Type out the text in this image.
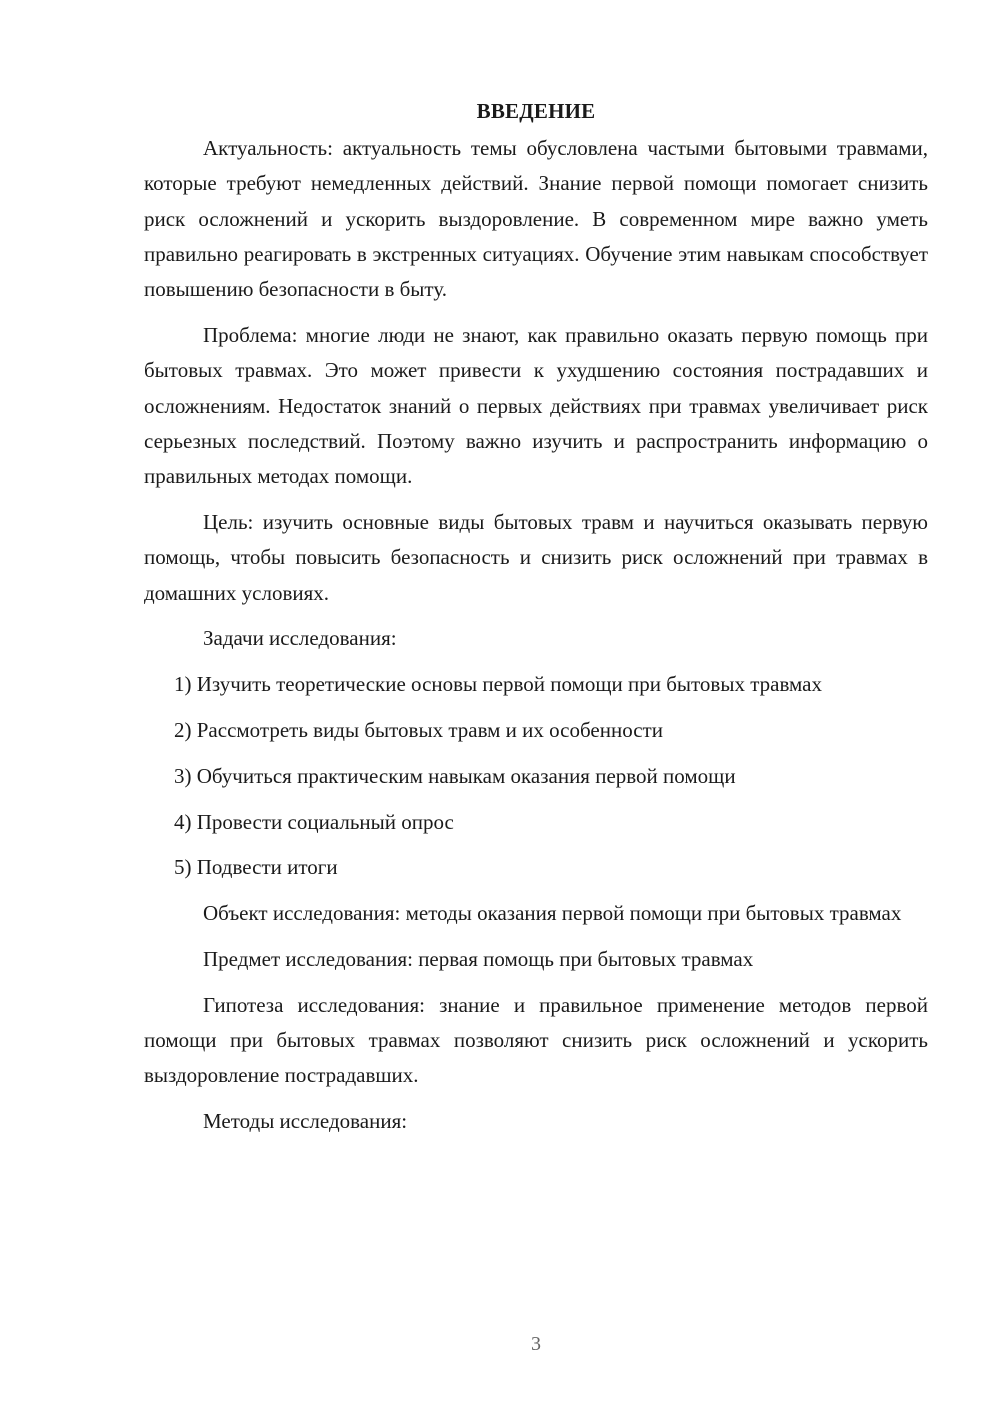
ВВЕДЕНИЕ

Актуальность: актуальность темы обусловлена частыми бытовыми травмами, которые требуют немедленных действий. Знание первой помощи помогает снизить риск осложнений и ускорить выздоровление. В современном мире важно уметь правильно реагировать в экстренных ситуациях. Обучение этим навыкам способствует повышению безопасности в быту.

Проблема: многие люди не знают, как правильно оказать первую помощь при бытовых травмах. Это может привести к ухудшению состояния пострадавших и осложнениям. Недостаток знаний о первых действиях при травмах увеличивает риск серьезных последствий. Поэтому важно изучить и распространить информацию о правильных методах помощи.

Цель: изучить основные виды бытовых травм и научиться оказывать первую помощь, чтобы повысить безопасность и снизить риск осложнений при травмах в домашних условиях.

Задачи исследования:

1) Изучить теоретические основы первой помощи при бытовых травмах

2) Рассмотреть виды бытовых травм и их особенности

3) Обучиться практическим навыкам оказания первой помощи

4) Провести социальный опрос

5) Подвести итоги

Объект исследования: методы оказания первой помощи при бытовых травмах

Предмет исследования: первая помощь при бытовых травмах

Гипотеза исследования: знание и правильное применение методов первой помощи при бытовых травмах позволяют снизить риск осложнений и ускорить выздоровление пострадавших.

Методы исследования:

3
